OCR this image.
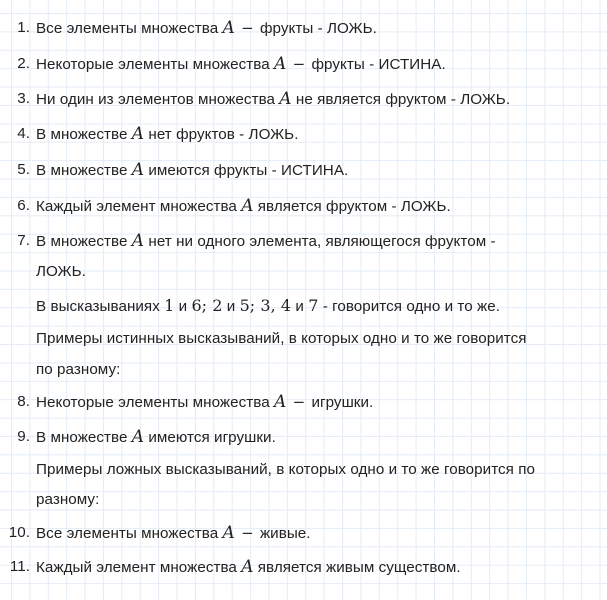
1. Все элементы множества A − фрукты - ЛОЖЬ.
2. Некоторые элементы множества A − фрукты - ИСТИНА.
3. Ни один из элементов множества A не является фруктом - ЛОЖЬ.
4. В множестве A нет фруктов - ЛОЖЬ.
5. В множестве A имеются фрукты - ИСТИНА.
6. Каждый элемент множества A является фруктом - ЛОЖЬ.
7. В множестве A нет ни одного элемента, являющегося фруктом -
ЛОЖЬ.
В высказываниях 1 и 6; 2 и 5; 3, 4 и 7 - говорится одно и то же.
Примеры истинных высказываний, в которых одно и то же говорится
по разному:
8. Некоторые элементы множества A − игрушки.
9. В множестве A имеются игрушки.
Примеры ложных высказываний, в которых одно и то же говорится по
разному:
10. Все элементы множества A − живые.
11. Каждый элемент множества A является живым существом.
